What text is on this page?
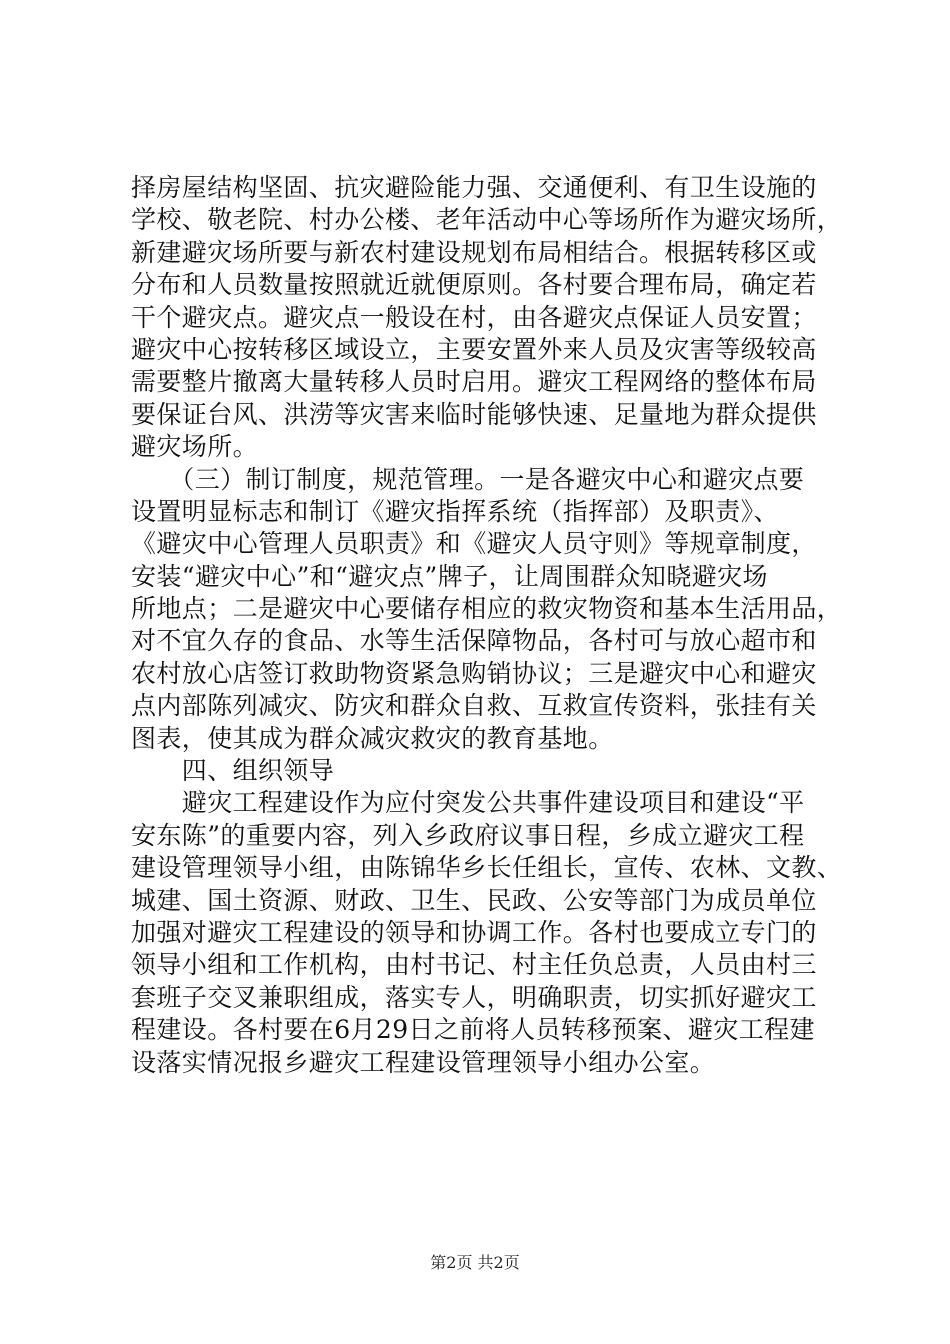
择房屋结构坚固、抗灾避险能力强、交通便利、有卫生设施的
学校、敬老院、村办公楼、老年活动中心等场所作为避灾场所，
新建避灾场所要与新农村建设规划布局相结合。根据转移区或
分布和人员数量按照就近就便原则。各村要合理布局，确定若
干个避灾点。避灾点一般设在村，由各避灾点保证人员安置；
避灾中心按转移区域设立，主要安置外来人员及灾害等级较高
需要整片撤离大量转移人员时启用。避灾工程网络的整体布局
要保证台风、洪涝等灾害来临时能够快速、足量地为群众提供
避灾场所。
　　（三）制订制度，规范管理。一是各避灾中心和避灾点要
设置明显标志和制订《避灾指挥系统（指挥部）及职责》、
《避灾中心管理人员职责》和《避灾人员守则》等规章制度，
安装“避灾中心”和“避灾点”牌子，让周围群众知晓避灾场
所地点；二是避灾中心要储存相应的救灾物资和基本生活用品，
对不宜久存的食品、水等生活保障物品，各村可与放心超市和
农村放心店签订救助物资紧急购销协议；三是避灾中心和避灾
点内部陈列减灾、防灾和群众自救、互救宣传资料，张挂有关
图表，使其成为群众减灾救灾的教育基地。
　　四、组织领导
　　避灾工程建设作为应付突发公共事件建设项目和建设“平
安东陈”的重要内容，列入乡政府议事日程，乡成立避灾工程
建设管理领导小组，由陈锦华乡长任组长，宣传、农林、文教、
城建、国土资源、财政、卫生、民政、公安等部门为成员单位
加强对避灾工程建设的领导和协调工作。各村也要成立专门的
领导小组和工作机构，由村书记、村主任负总责，人员由村三
套班子交叉兼职组成，落实专人，明确职责，切实抓好避灾工
程建设。各村要在6月29日之前将人员转移预案、避灾工程建
设落实情况报乡避灾工程建设管理领导小组办公室。
第2页 共2页
